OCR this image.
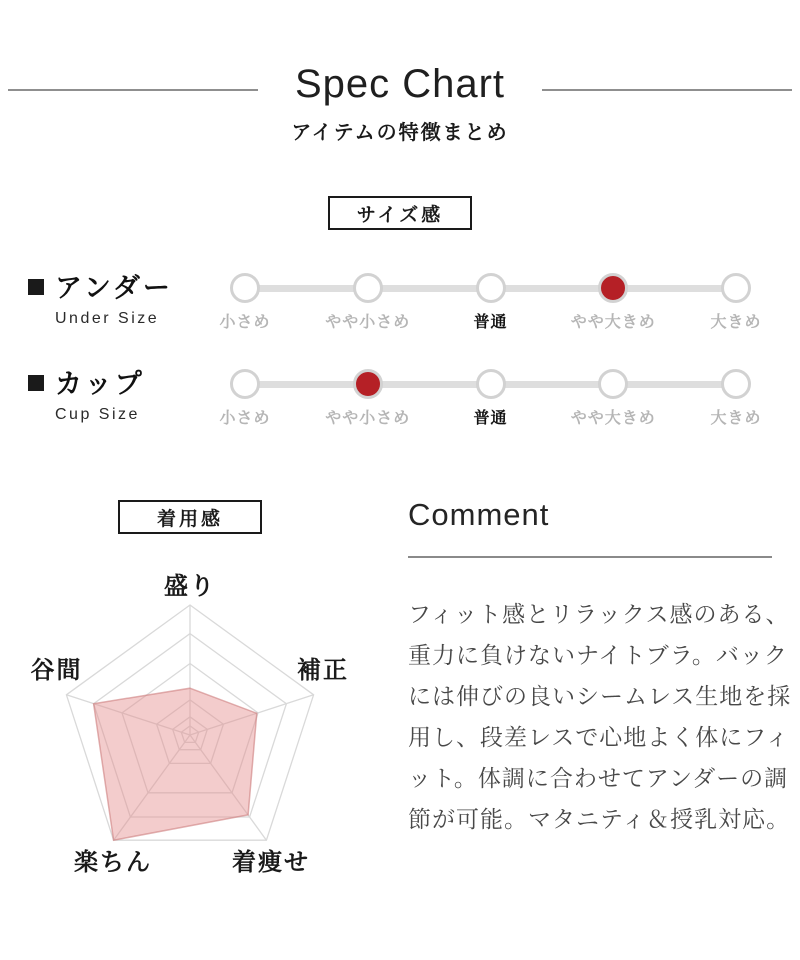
Spec Chart
アイテムの特徴まとめ
サイズ感
アンダー
Under Size	小さめ	やや小さめ	普通	やや大きめ	大きめ
カップ
Cup Size	小さめ	やや小さめ	普通	やや大きめ	大きめ
着用感
盛り
補正
着痩せ
楽ちん
谷間
Comment

フィット感とリラックス感のある、重力に負けないナイトブラ。バックには伸びの良いシームレス生地を採用し、段差レスで心地よく体にフィット。体調に合わせてアンダーの調節が可能。マタニティ＆授乳対応。
